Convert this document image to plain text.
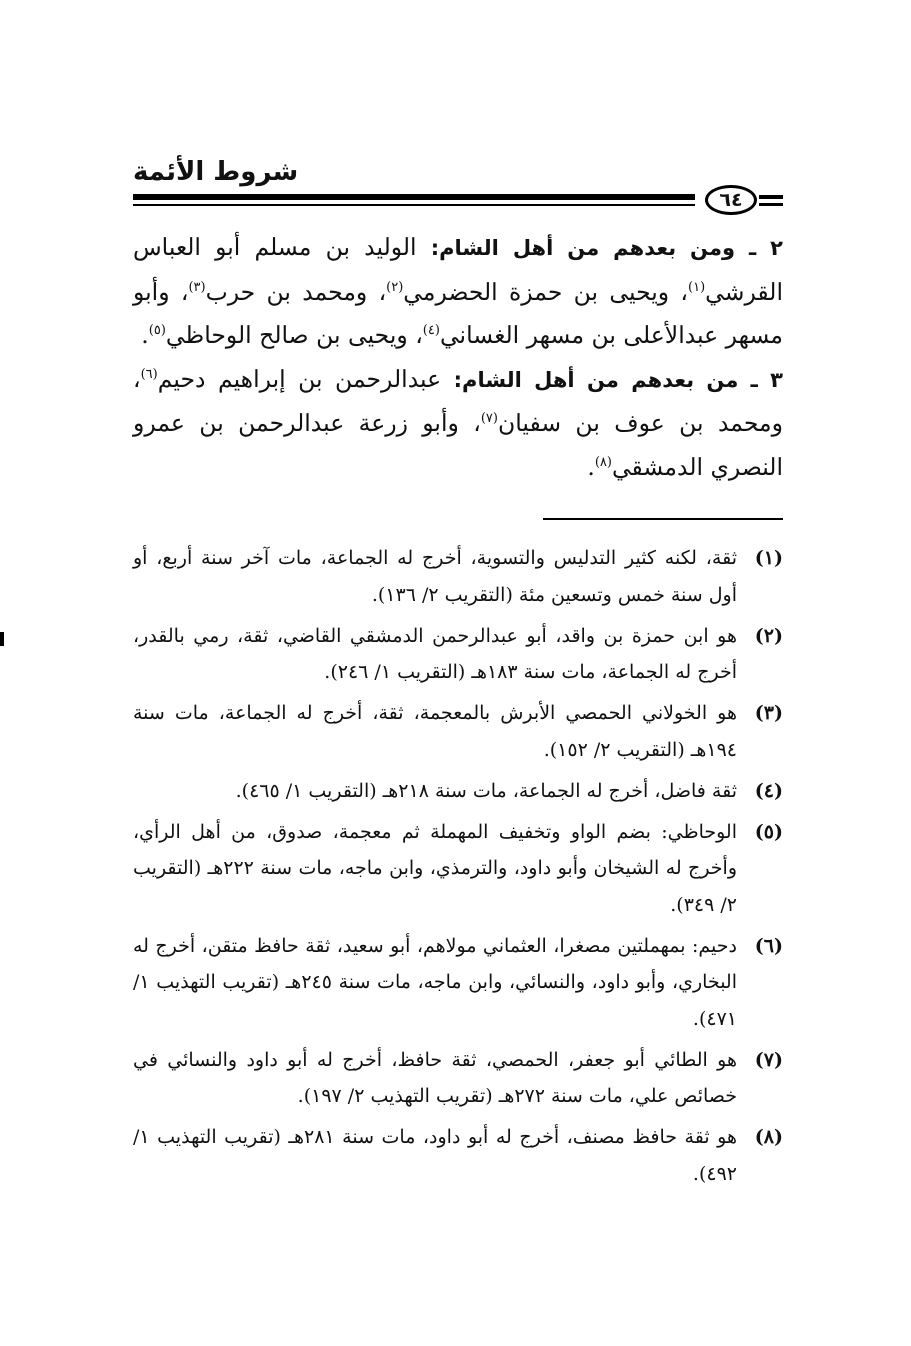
شروط الأئمة
٦٤

٢ ـ ومن بعدهم من أهل الشام: الوليد بن مسلم أبو العباس القرشي$^{(١)}$، ويحيى بن حمزة الحضرمي$^{(٢)}$، ومحمد بن حرب$^{(٣)}$، وأبو مسهر عبدالأعلى بن مسهر الغساني$^{(٤)}$، ويحيى بن صالح الوحاظي$^{(٥)}$.

٣ ـ من بعدهم من أهل الشام: عبدالرحمن بن إبراهيم دحيم$^{(٦)}$، ومحمد بن عوف بن سفيان$^{(٧)}$، وأبو زرعة عبدالرحمن بن عمرو النصري الدمشقي$^{(٨)}$.

(١)
ثقة، لكنه كثير التدليس والتسوية، أخرج له الجماعة، مات آخر سنة أربع، أو أول سنة خمس وتسعين مئة (التقريب ٢/ ١٣٦).
(٢)
هو ابن حمزة بن واقد، أبو عبدالرحمن الدمشقي القاضي، ثقة، رمي بالقدر، أخرج له الجماعة، مات سنة ١٨٣هـ (التقريب ١/ ٢٤٦).
(٣)
هو الخولاني الحمصي الأبرش بالمعجمة، ثقة، أخرج له الجماعة، مات سنة ١٩٤هـ (التقريب ٢/ ١٥٢).
(٤)
ثقة فاضل، أخرج له الجماعة، مات سنة ٢١٨هـ (التقريب ١/ ٤٦٥).
(٥)
الوحاظي: بضم الواو وتخفيف المهملة ثم معجمة، صدوق، من أهل الرأي، وأخرج له الشيخان وأبو داود، والترمذي، وابن ماجه، مات سنة ٢٢٢هـ (التقريب ٢/ ٣٤٩).
(٦)
دحيم: بمهملتين مصغرا، العثماني مولاهم، أبو سعيد، ثقة حافظ متقن، أخرج له البخاري، وأبو داود، والنسائي، وابن ماجه، مات سنة ٢٤٥هـ (تقريب التهذيب ١/ ٤٧١).
(٧)
هو الطائي أبو جعفر، الحمصي، ثقة حافظ، أخرج له أبو داود والنسائي في خصائص علي، مات سنة ٢٧٢هـ (تقريب التهذيب ٢/ ١٩٧).
(٨)
هو ثقة حافظ مصنف، أخرج له أبو داود، مات سنة ٢٨١هـ (تقريب التهذيب ١/ ٤٩٢).
